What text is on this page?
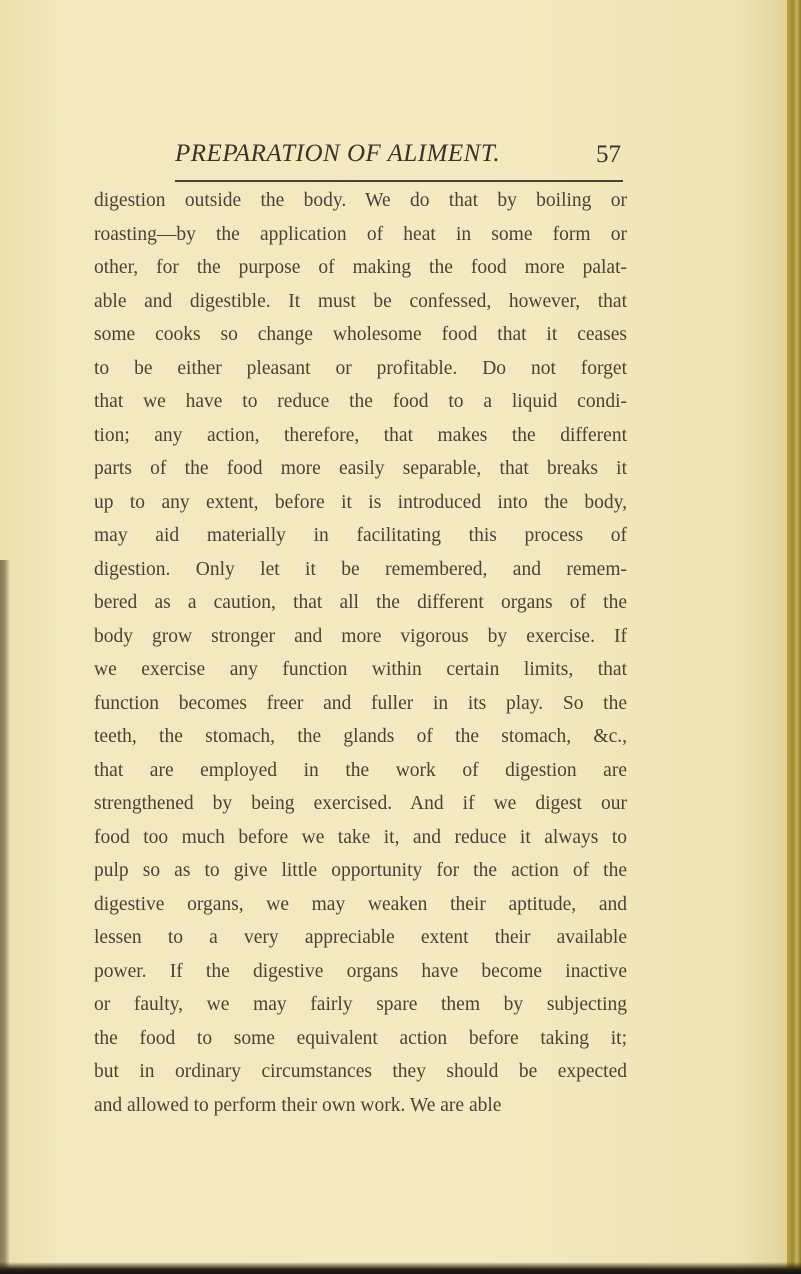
PREPARATION OF ALIMENT.	57
digestion outside the body. We do that by boiling or
roasting—by the application of heat in some form or
other, for the purpose of making the food more palat-
able and digestible. It must be confessed, however, that
some cooks so change wholesome food that it ceases
to be either pleasant or profitable. Do not forget
that we have to reduce the food to a liquid condi-
tion; any action, therefore, that makes the different
parts of the food more easily separable, that breaks it
up to any extent, before it is introduced into the body,
may aid materially in facilitating this process of
digestion. Only let it be remembered, and remem-
bered as a caution, that all the different organs of the
body grow stronger and more vigorous by exercise. If
we exercise any function within certain limits, that
function becomes freer and fuller in its play. So the
teeth, the stomach, the glands of the stomach, &c.,
that are employed in the work of digestion are
strengthened by being exercised. And if we digest our
food too much before we take it, and reduce it always to
pulp so as to give little opportunity for the action of the
digestive organs, we may weaken their aptitude, and
lessen to a very appreciable extent their available
power. If the digestive organs have become inactive
or faulty, we may fairly spare them by subjecting
the food to some equivalent action before taking it;
but in ordinary circumstances they should be expected
and allowed to perform their own work. We are able
